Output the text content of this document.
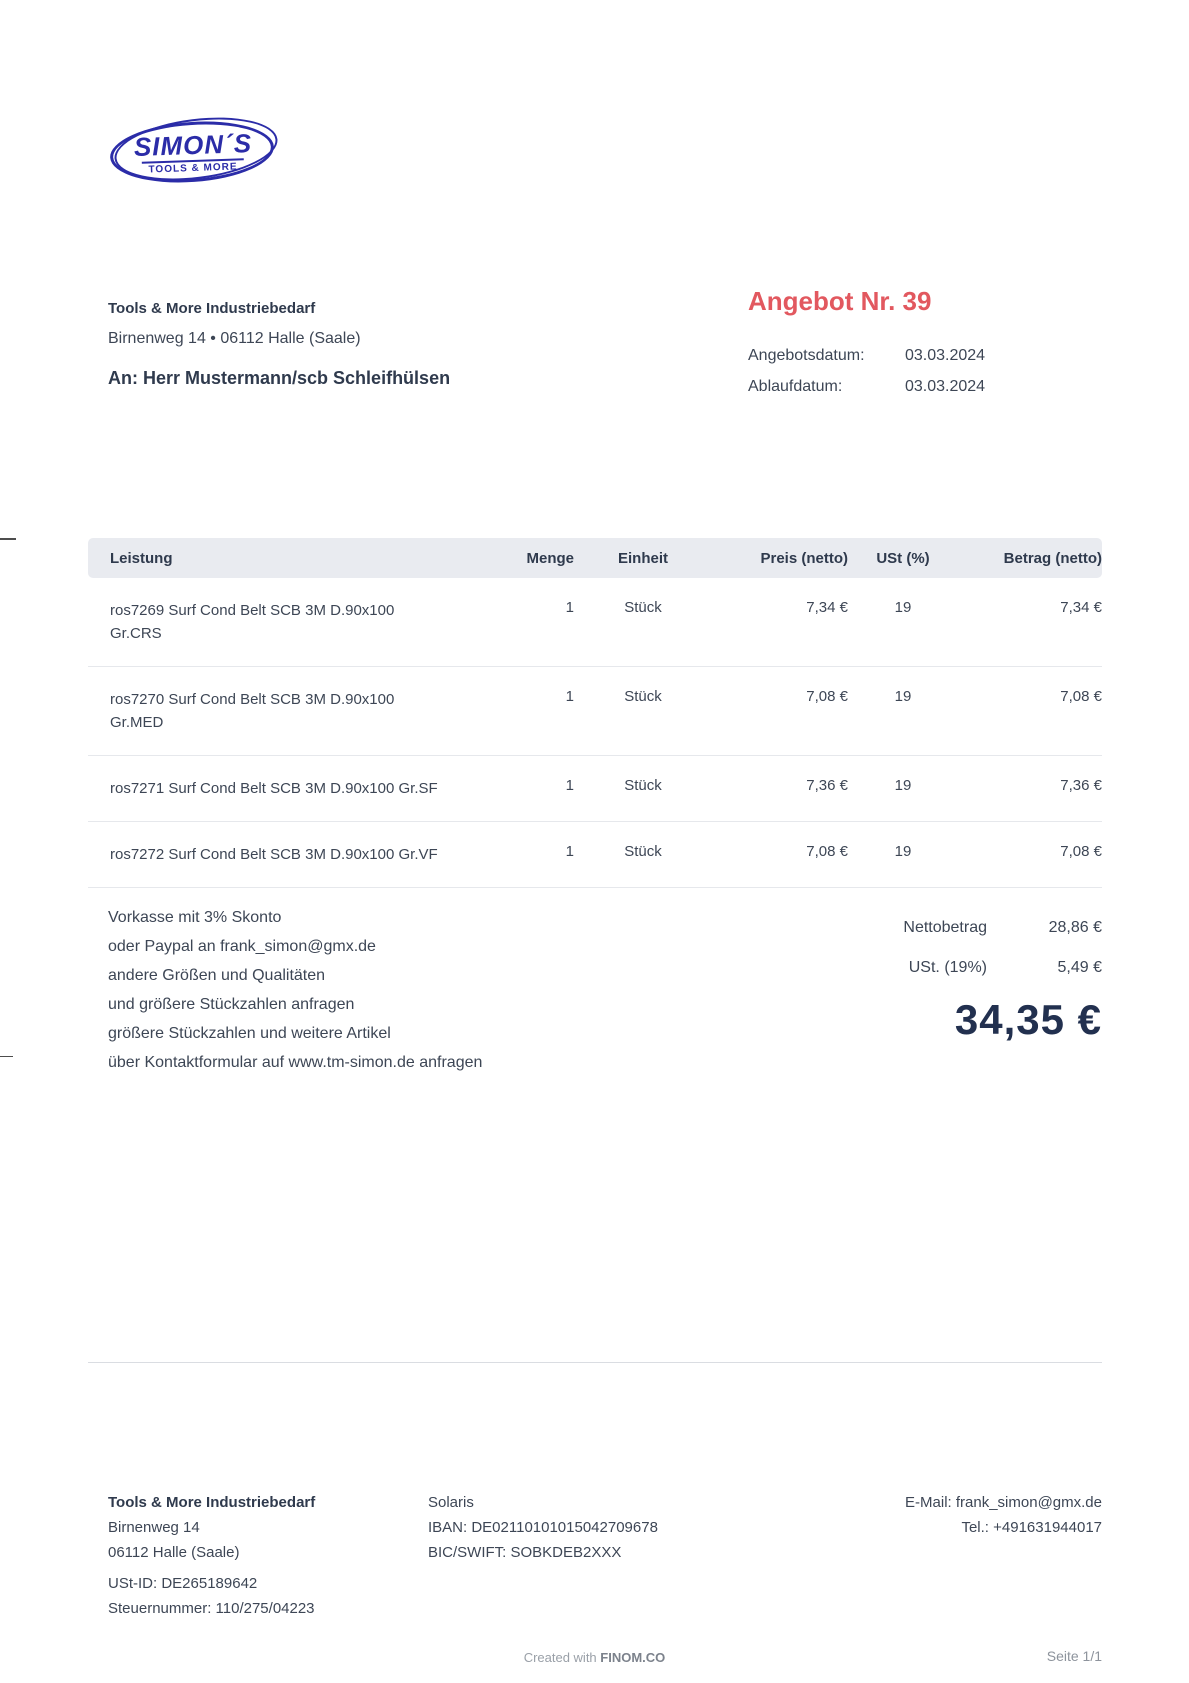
SIMON´S
TOOLS & MORE
Tools & More Industriebedarf
Birnenweg 14 • 06112 Halle (Saale)
An: Herr Mustermann/scb Schleifhülsen
Angebot Nr. 39
Angebotsdatum:	03.03.2024
Ablaufdatum:	03.03.2024
Leistung	Menge	Einheit	Preis (netto)	USt (%)	Betrag (netto)
ros7269 Surf Cond Belt SCB 3M D.90x100
Gr.CRS
1	Stück	7,34 €	19	7,34 €
ros7270 Surf Cond Belt SCB 3M D.90x100
Gr.MED
1	Stück	7,08 €	19	7,08 €
ros7271 Surf Cond Belt SCB 3M D.90x100 Gr.SF	1	Stück	7,36 €	19	7,36 €
ros7272 Surf Cond Belt SCB 3M D.90x100 Gr.VF	1	Stück	7,08 €	19	7,08 €
Vorkasse mit 3% Skonto
oder Paypal an frank_simon@gmx.de
andere Größen und Qualitäten
und größere Stückzahlen anfragen
größere Stückzahlen und weitere Artikel
über Kontaktformular auf www.tm-simon.de anfragen
Nettobetrag	28,86 €
USt. (19%)	5,49 €
34,35 €
Tools & More Industriebedarf
Birnenweg 14
06112 Halle (Saale)
USt-ID: DE265189642
Steuernummer: 110/275/04223
Solaris
IBAN: DE02110101015042709678
BIC/SWIFT: SOBKDEB2XXX
E-Mail: frank_simon@gmx.de
Tel.: +491631944017
Created with FINOM.CO	Seite 1/1
